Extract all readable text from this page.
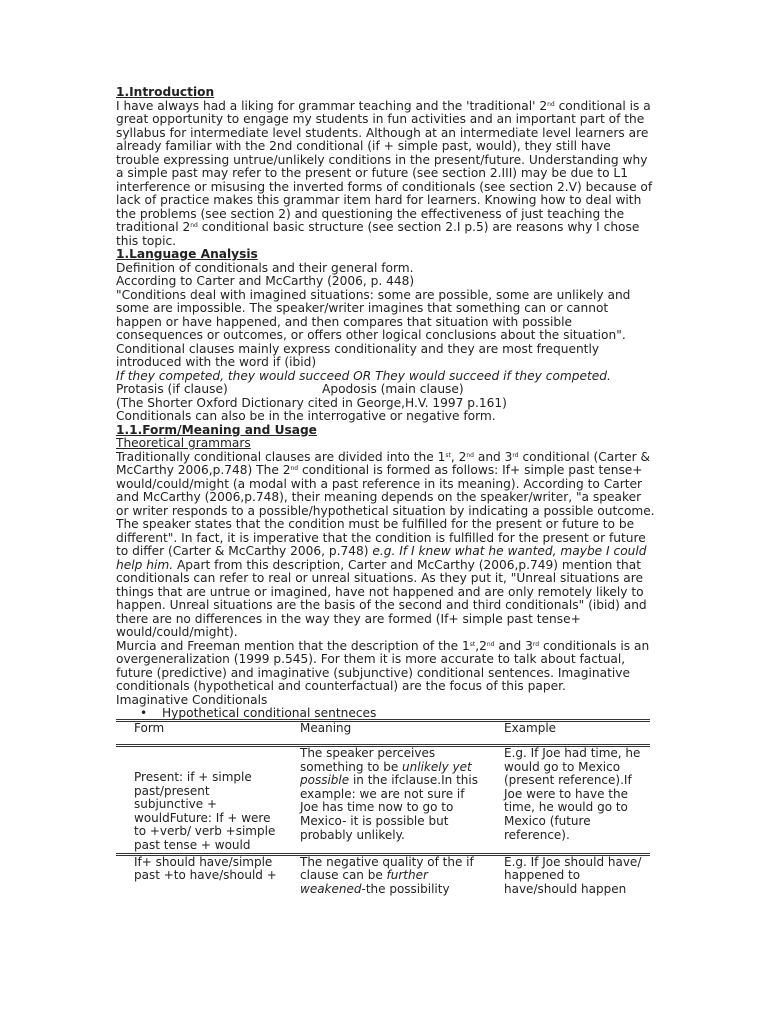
1.Introduction

I have always had a liking for grammar teaching and the 'traditional' 2nd conditional is a great opportunity to engage my students in fun activities and an important part of the syllabus for intermediate level students. Although at an intermediate level learners are already familiar with the 2nd conditional (if + simple past, would), they still have trouble expressing untrue/unlikely conditions in the present/future. Understanding why a simple past may refer to the present or future (see section 2.III) may be due to L1 interference or misusing the inverted forms of conditionals (see section 2.V) because of lack of practice makes this grammar item hard for learners. Knowing how to deal with the problems (see section 2) and questioning the effectiveness of just teaching the traditional 2nd conditional basic structure (see section 2.I p.5) are reasons why I chose this topic.

1.Language Analysis

Definition of conditionals and their general form.

According to Carter and McCarthy (2006, p. 448)

"Conditions deal with imagined situations: some are possible, some are unlikely and some are impossible. The speaker/writer imagines that something can or cannot happen or have happened, and then compares that situation with possible consequences or outcomes, or offers other logical conclusions about the situation".

Conditional clauses mainly express conditionality and they are most frequently introduced with the word if (ibid)

If they competed, they would succeed OR They would succeed if they competed.

Protasis (if clause)	Apodosis (main clause)

(The Shorter Oxford Dictionary cited in George,H.V. 1997 p.161)

Conditionals can also be in the interrogative or negative form.

1.1.Form/Meaning and Usage

Theoretical grammars

Traditionally conditional clauses are divided into the 1st, 2nd and 3rd conditional (Carter & McCarthy 2006,p.748) The 2nd conditional is formed as follows: If+ simple past tense+ would/could/might (a modal with a past reference in its meaning). According to Carter and McCarthy (2006,p.748), their meaning depends on the speaker/writer, "a speaker or writer responds to a possible/hypothetical situation by indicating a possible outcome. The speaker states that the condition must be fulfilled for the present or future to be different". In fact, it is imperative that the condition is fulfilled for the present or future to differ (Carter & McCarthy 2006, p.748) e.g. If I knew what he wanted, maybe I could help him. Apart from this description, Carter and McCarthy (2006,p.749) mention that conditionals can refer to real or unreal situations. As they put it, "Unreal situations are things that are untrue or imagined, have not happened and are only remotely likely to happen. Unreal situations are the basis of the second and third conditionals" (ibid) and there are no differences in the way they are formed (If+ simple past tense+ would/could/might).

Murcia and Freeman mention that the description of the 1st,2nd and 3rd conditionals is an overgeneralization (1999 p.545). For them it is more accurate to talk about factual, future (predictive) and imaginative (subjunctive) conditional sentences. Imaginative conditionals (hypothetical and counterfactual) are the focus of this paper.

Imaginative Conditionals

• Hypothetical conditional sentneces

Form	Meaning	Example
Present: if + simple past/present subjunctive + wouldFuture: If + were to +verb/ verb +simple past tense + would	The speaker perceives something to be unlikely yet possible in the ifclause.In this example: we are not sure if Joe has time now to go to Mexico- it is possible but probably unlikely.	E.g. If Joe had time, he would go to Mexico (present reference).If Joe were to have the time, he would go to Mexico (future reference).
If+ should have/simple past +to have/should +	The negative quality of the if clause can be further weakened-the possibility	E.g. If Joe should have/ happened to have/should happen
